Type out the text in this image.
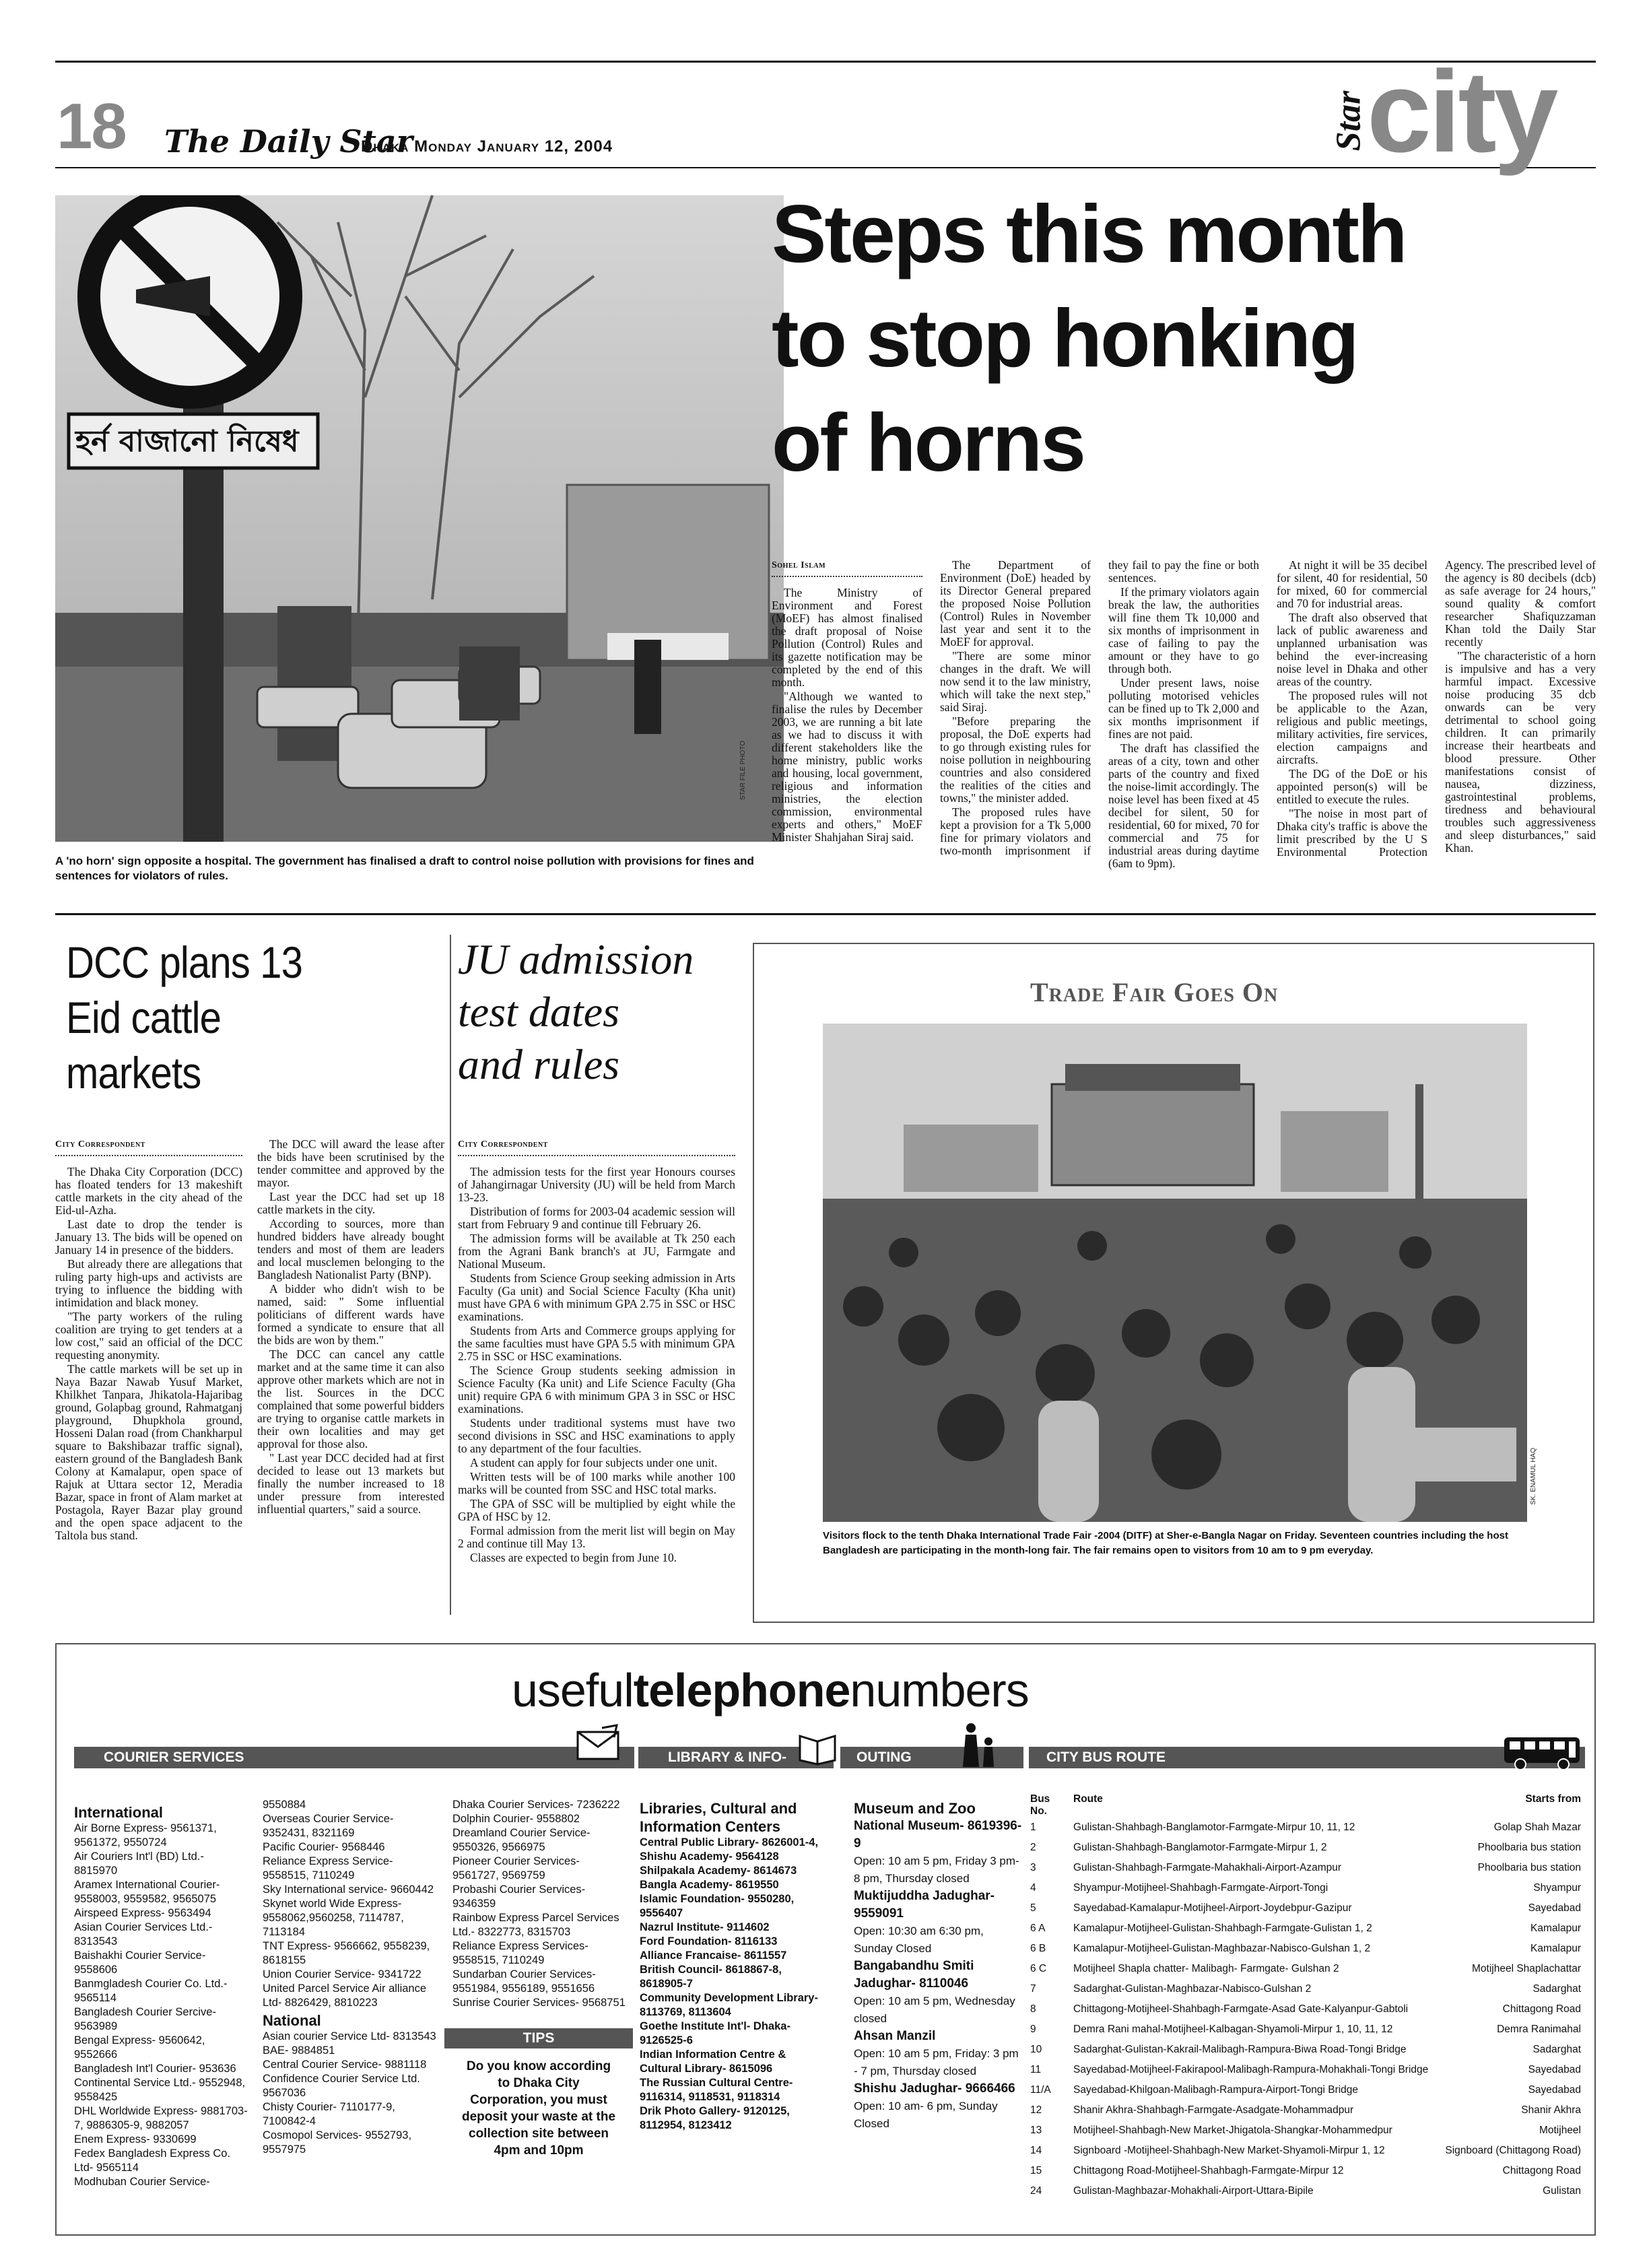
18 The Daily Star
Dhaka Monday January 12, 2004	Star
city
হর্ন বাজানো নিষেধ
STAR FILE PHOTO
A 'no horn' sign opposite a hospital. The government has finalised a draft to control noise pollution with provisions for fines and sentences for violators of rules.
Steps this month
to stop honking
of horns
Sohel Islam

The Ministry of Environment and Forest (MoEF) has almost finalised the draft proposal of Noise Pollution (Control) Rules and its gazette notification may be completed by the end of this month.

"Although we wanted to finalise the rules by December 2003, we are running a bit late as we had to discuss it with different stakeholders like the home ministry, public works and housing, local government, religious and information ministries, the election commission, environmental experts and others," MoEF Minister Shahjahan Siraj said.

The Department of Environment (DoE) headed by its Director General prepared the proposed Noise Pollution (Control) Rules in November last year and sent it to the MoEF for approval.

"There are some minor changes in the draft. We will now send it to the law ministry, which will take the next step," said Siraj.

"Before preparing the proposal, the DoE experts had to go through existing rules for noise pollution in neighbouring countries and also considered the realities of the cities and towns," the minister added.

The proposed rules have kept a provision for a Tk 5,000 fine for primary violators and two-month imprisonment if they fail to pay the fine or both sentences.

If the primary violators again break the law, the authorities will fine them Tk 10,000 and six months of imprisonment in case of failing to pay the amount or they have to go through both.

Under present laws, noise polluting motorised vehicles can be fined up to Tk 2,000 and six months imprisonment if fines are not paid.

The draft has classified the areas of a city, town and other parts of the country and fixed the noise-limit accordingly. The noise level has been fixed at 45 decibel for silent, 50 for residential, 60 for mixed, 70 for commercial and 75 for industrial areas during daytime (6am to 9pm).

At night it will be 35 decibel for silent, 40 for residential, 50 for mixed, 60 for commercial and 70 for industrial areas.

The draft also observed that lack of public awareness and unplanned urbanisation was behind the ever-increasing noise level in Dhaka and other areas of the country.

The proposed rules will not be applicable to the Azan, religious and public meetings, military activities, fire services, election campaigns and aircrafts.

The DG of the DoE or his appointed person(s) will be entitled to execute the rules.

"The noise in most part of Dhaka city's traffic is above the limit prescribed by the U S Environmental Protection Agency. The prescribed level of the agency is 80 decibels (dcb) as safe average for 24 hours," sound quality & comfort researcher Shafiquzzaman Khan told the Daily Star recently

"The characteristic of a horn is impulsive and has a very harmful impact. Excessive noise producing 35 dcb onwards can be very detrimental to school going children. It can primarily increase their heartbeats and blood pressure. Other manifestations consist of nausea, dizziness, gastrointestinal problems, tiredness and behavioural troubles such aggressiveness and sleep disturbances," said Khan.

DCC plans 13
Eid cattle
markets
City Correspondent

The Dhaka City Corporation (DCC) has floated tenders for 13 makeshift cattle markets in the city ahead of the Eid-ul-Azha.

Last date to drop the tender is January 13. The bids will be opened on January 14 in presence of the bidders.

But already there are allegations that ruling party high-ups and activists are trying to influence the bidding with intimidation and black money.

"The party workers of the ruling coalition are trying to get tenders at a low cost," said an official of the DCC requesting anonymity.

The cattle markets will be set up in Naya Bazar Nawab Yusuf Market, Khilkhet Tanpara, Jhikatola-Hajaribag ground, Golapbag ground, Rahmatganj playground, Dhupkhola ground, Hosseni Dalan road (from Chankharpul square to Bakshibazar traffic signal), eastern ground of the Bangladesh Bank Colony at Kamalapur, open space of Rajuk at Uttara sector 12, Meradia Bazar, space in front of Alam market at Postagola, Rayer Bazar play ground and the open space adjacent to the Taltola bus stand.

The DCC will award the lease after the bids have been scrutinised by the tender committee and approved by the mayor.

Last year the DCC had set up 18 cattle markets in the city.

According to sources, more than hundred bidders have already bought tenders and most of them are leaders and local musclemen belonging to the Bangladesh Nationalist Party (BNP).

A bidder who didn't wish to be named, said: " Some influential politicians of different wards have formed a syndicate to ensure that all the bids are won by them."

The DCC can cancel any cattle market and at the same time it can also approve other markets which are not in the list. Sources in the DCC complained that some powerful bidders are trying to organise cattle markets in their own localities and may get approval for those also.

" Last year DCC decided had at first decided to lease out 13 markets but finally the number increased to 18 under pressure from interested influential quarters," said a source.

JU admission
test dates
and rules
City Correspondent

The admission tests for the first year Honours courses of Jahangirnagar University (JU) will be held from March 13-23.

Distribution of forms for 2003-04 academic session will start from February 9 and continue till February 26.

The admission forms will be available at Tk 250 each from the Agrani Bank branch's at JU, Farmgate and National Museum.

Students from Science Group seeking admission in Arts Faculty (Ga unit) and Social Science Faculty (Kha unit) must have GPA 6 with minimum GPA 2.75 in SSC or HSC examinations.

Students from Arts and Commerce groups applying for the same faculties must have GPA 5.5 with minimum GPA 2.75 in SSC or HSC examinations.

The Science Group students seeking admission in Science Faculty (Ka unit) and Life Science Faculty (Gha unit) require GPA 6 with minimum GPA 3 in SSC or HSC examinations.

Students under traditional systems must have two second divisions in SSC and HSC examinations to apply to any department of the four faculties.

A student can apply for four subjects under one unit.

Written tests will be of 100 marks while another 100 marks will be counted from SSC and HSC total marks.

The GPA of SSC will be multiplied by eight while the GPA of HSC by 12.

Formal admission from the merit list will begin on May 2 and continue till May 13.

Classes are expected to begin from June 10.

Trade Fair Goes On
SK. ENAMUL HAQ
Visitors flock to the tenth Dhaka International Trade Fair -2004 (DITF) at Sher-e-Bangla Nagar on Friday. Seventeen countries including the host Bangladesh are participating in the month-long fair. The fair remains open to visitors from 10 am to 9 pm everyday.
usefultelephonenumbers
COURIER SERVICES	LIBRARY & INFO-	OUTING	CITY BUS ROUTE
International
Air Borne Express- 9561371, 9561372, 9550724
Air Couriers Int'l (BD) Ltd.- 8815970
Aramex International Courier- 9558003, 9559582, 9565075
Airspeed Express- 9563494
Asian Courier Services Ltd.- 8313543
Baishakhi Courier Service- 9558606
Banmgladesh Courier Co. Ltd.- 9565114
Bangladesh Courier Sercive- 9563989
Bengal Express- 9560642, 9552666
Bangladesh Int'l Courier- 953636
Continental Service Ltd.- 9552948, 9558425
DHL Worldwide Express- 9881703-7, 9886305-9, 9882057
Enem Express- 9330699
Fedex Bangladesh Express Co. Ltd- 9565114
Modhuban Courier Service-
9550884
Overseas Courier Service- 9352431, 8321169
Pacific Courier- 9568446
Reliance Express Service- 9558515, 7110249
Sky International service- 9660442
Skynet world Wide Express- 9558062,9560258, 7114787, 7113184
TNT Express- 9566662, 9558239, 8618155
Union Courier Service- 9341722
United Parcel Service Air alliance Ltd- 8826429, 8810223
National
Asian courier Service Ltd- 8313543
BAE- 9884851
Central Courier Service- 9881118
Confidence Courier Service Ltd. 9567036
Chisty Courier- 7110177-9, 7100842-4
Cosmopol Services- 9552793, 9557975
Dhaka Courier Services- 7236222
Dolphin Courier- 9558802
Dreamland Courier Service- 9550326, 9566975
Pioneer Courier Services- 9561727, 9569759
Probashi Courier Services- 9346359
Rainbow Express Parcel Services Ltd.- 8322773, 8315703
Reliance Express Services- 9558515, 7110249
Sundarban Courier Services- 9551984, 9556189, 9551656
Sunrise Courier Services- 9568751
TIPS
Do you know according to Dhaka City Corporation, you must deposit your waste at the collection site between 4pm and 10pm
Libraries, Cultural and Information Centers
Central Public Library- 8626001-4,
Shishu Academy- 9564128
Shilpakala Academy- 8614673
Bangla Academy- 8619550
Islamic Foundation- 9550280, 9556407
Nazrul Institute- 9114602
Ford Foundation- 8116133
Alliance Francaise- 8611557
British Council- 8618867-8, 8618905-7
Community Development Library- 8113769, 8113604
Goethe Institute Int'l- Dhaka- 9126525-6
Indian Information Centre & Cultural Library- 8615096
The Russian Cultural Centre- 9116314, 9118531, 9118314
Drik Photo Gallery- 9120125, 8112954, 8123412
Museum and Zoo
National Museum- 8619396-9
Open: 10 am 5 pm, Friday 3 pm- 8 pm, Thursday closed
Muktijuddha Jadughar- 9559091
Open: 10:30 am 6:30 pm, Sunday Closed
Bangabandhu Smiti Jadughar- 8110046
Open: 10 am 5 pm, Wednesday closed
Ahsan Manzil
Open: 10 am 5 pm, Friday: 3 pm - 7 pm, Thursday closed
Shishu Jadughar- 9666466
Open: 10 am- 6 pm, Sunday Closed
Bus No.	Route	Starts from
1	Gulistan-Shahbagh-Banglamotor-Farmgate-Mirpur 10, 11, 12	Golap Shah Mazar
2	Gulistan-Shahbagh-Banglamotor-Farmgate-Mirpur 1, 2	Phoolbaria bus station
3	Gulistan-Shahbagh-Farmgate-Mahakhali-Airport-Azampur	Phoolbaria bus station
4	Shyampur-Motijheel-Shahbagh-Farmgate-Airport-Tongi	Shyampur
5	Sayedabad-Kamalapur-Motijheel-Airport-Joydebpur-Gazipur	Sayedabad
6 A	Kamalapur-Motijheel-Gulistan-Shahbagh-Farmgate-Gulistan 1, 2	Kamalapur
6 B	Kamalapur-Motijheel-Gulistan-Maghbazar-Nabisco-Gulshan 1, 2	Kamalapur
6 C	Motijheel Shapla chatter- Malibagh- Farmgate- Gulshan 2	Motijheel Shaplachattar
7	Sadarghat-Gulistan-Maghbazar-Nabisco-Gulshan 2	Sadarghat
8	Chittagong-Motijheel-Shahbagh-Farmgate-Asad Gate-Kalyanpur-Gabtoli	Chittagong Road
9	Demra Rani mahal-Motijheel-Kalbagan-Shyamoli-Mirpur 1, 10, 11, 12	Demra Ranimahal
10	Sadarghat-Gulistan-Kakrail-Malibagh-Rampura-Biwa Road-Tongi Bridge	Sadarghat
11	Sayedabad-Motijheel-Fakirapool-Malibagh-Rampura-Mohakhali-Tongi Bridge	Sayedabad
11/A	Sayedabad-Khilgoan-Malibagh-Rampura-Airport-Tongi Bridge	Sayedabad
12	Shanir Akhra-Shahbagh-Farmgate-Asadgate-Mohammadpur	Shanir Akhra
13	Motijheel-Shahbagh-New Market-Jhigatola-Shangkar-Mohammedpur	Motijheel
14	Signboard -Motijheel-Shahbagh-New Market-Shyamoli-Mirpur 1, 12	Signboard (Chittagong Road)
15	Chittagong Road-Motijheel-Shahbagh-Farmgate-Mirpur 12	Chittagong Road
24	Gulistan-Maghbazar-Mohakhali-Airport-Uttara-Bipile	Gulistan
